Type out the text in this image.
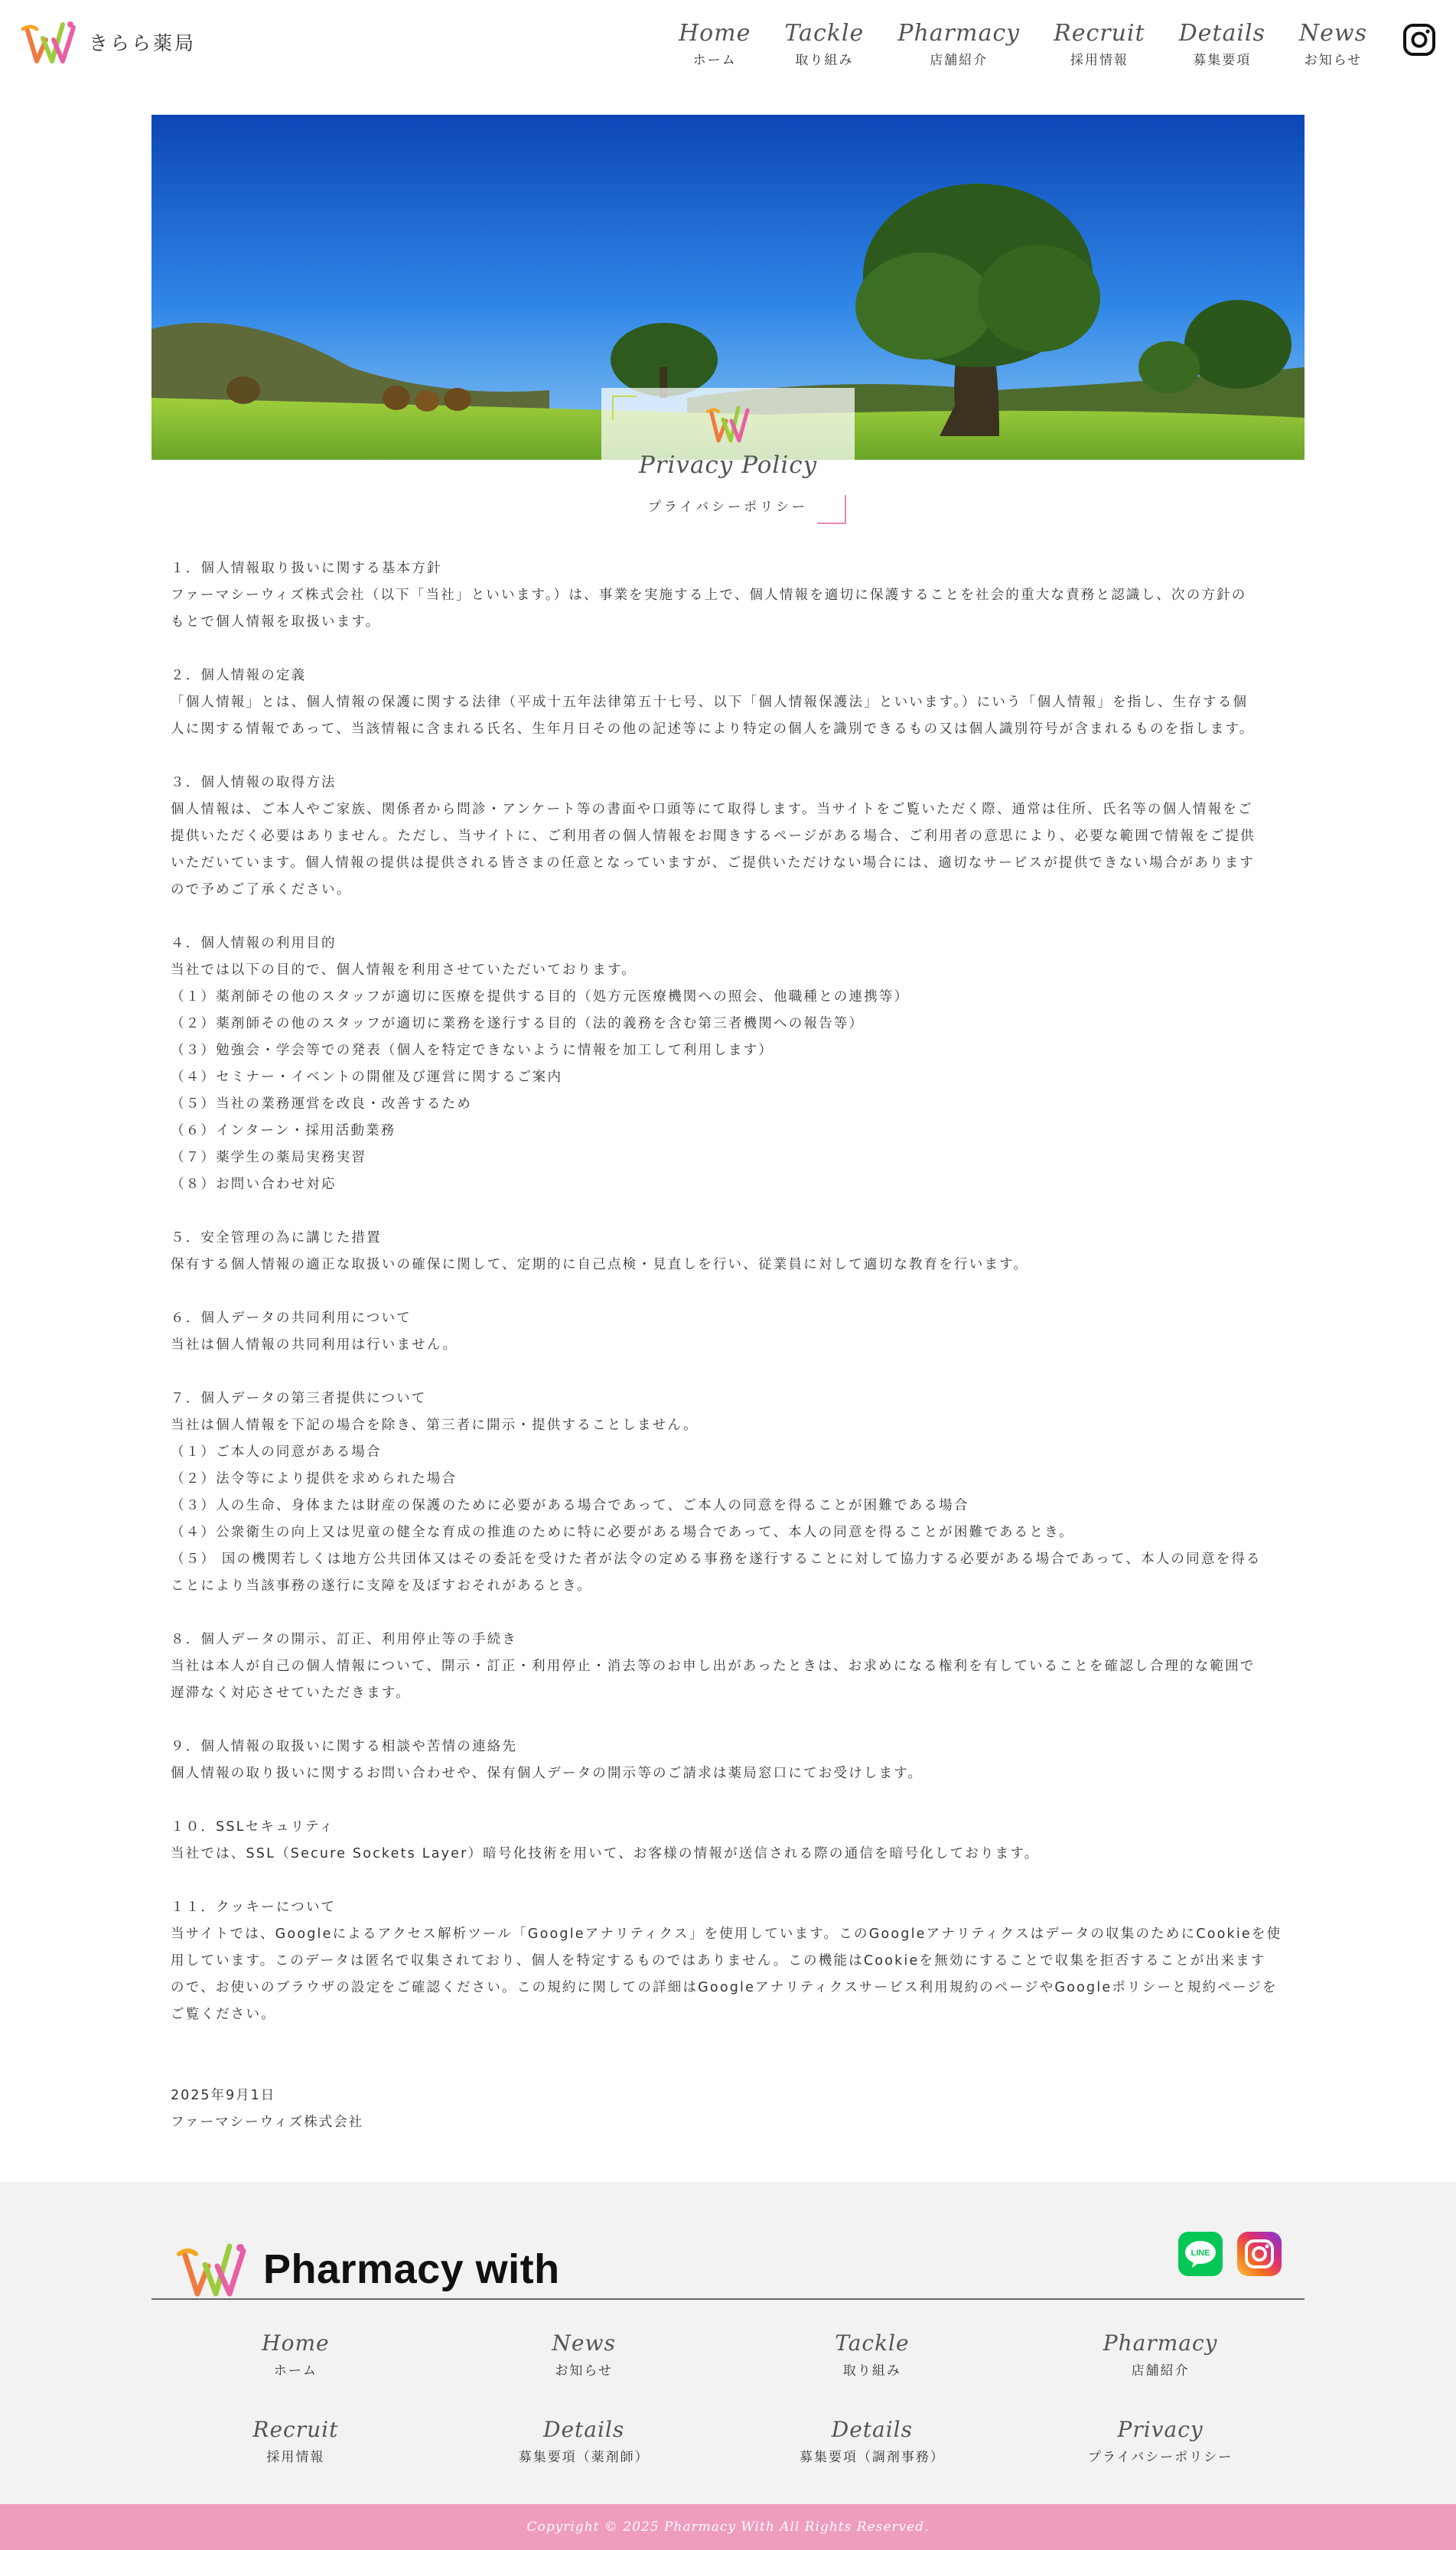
きらら薬局	Home
ホーム
Tackle
取り組み
Pharmacy
店舗紹介
Recruit
採用情報
Details
募集要項
News
お知らせ
Privacy Policy
プライバシーポリシー

１．個人情報取り扱いに関する基本方針

ファーマシーウィズ株式会社（以下「当社」といいます。）は、事業を実施する上で、個人情報を適切に保護することを社会的重大な責務と認識し、次の方針の

もとで個人情報を取扱います。

２．個人情報の定義

「個人情報」とは、個人情報の保護に関する法律（平成十五年法律第五十七号、以下「個人情報保護法」といいます。）にいう「個人情報」を指し、生存する個

人に関する情報であって、当該情報に含まれる氏名、生年月日その他の記述等により特定の個人を識別できるもの又は個人識別符号が含まれるものを指します。

３．個人情報の取得方法

個人情報は、ご本人やご家族、関係者から問診・アンケート等の書面や口頭等にて取得します。当サイトをご覧いただく際、通常は住所、氏名等の個人情報をご

提供いただく必要はありません。ただし、当サイトに、ご利用者の個人情報をお聞きするページがある場合、ご利用者の意思により、必要な範囲で情報をご提供

いただいています。個人情報の提供は提供される皆さまの任意となっていますが、ご提供いただけない場合には、適切なサービスが提供できない場合があります

ので予めご了承ください。

４．個人情報の利用目的

当社では以下の目的で、個人情報を利用させていただいております。

（１）薬剤師その他のスタッフが適切に医療を提供する目的（処方元医療機関への照会、他職種との連携等）

（２）薬剤師その他のスタッフが適切に業務を遂行する目的（法的義務を含む第三者機関への報告等）

（３）勉強会・学会等での発表（個人を特定できないように情報を加工して利用します）

（４）セミナー・イベントの開催及び運営に関するご案内

（５）当社の業務運営を改良・改善するため

（６）インターン・採用活動業務

（７）薬学生の薬局実務実習

（８）お問い合わせ対応

５．安全管理の為に講じた措置

保有する個人情報の適正な取扱いの確保に関して、定期的に自己点検・見直しを行い、従業員に対して適切な教育を行います。

６．個人データの共同利用について

当社は個人情報の共同利用は行いません。

７．個人データの第三者提供について

当社は個人情報を下記の場合を除き、第三者に開示・提供することしません。

（１）ご本人の同意がある場合

（２）法令等により提供を求められた場合

（３）人の生命、身体または財産の保護のために必要がある場合であって、ご本人の同意を得ることが困難である場合

（４）公衆衛生の向上又は児童の健全な育成の推進のために特に必要がある場合であって、本人の同意を得ることが困難であるとき。

（５） 国の機関若しくは地方公共団体又はその委託を受けた者が法令の定める事務を遂行することに対して協力する必要がある場合であって、本人の同意を得る

ことにより当該事務の遂行に支障を及ぼすおそれがあるとき。

８．個人データの開示、訂正、利用停止等の手続き

当社は本人が自己の個人情報について、開示・訂正・利用停止・消去等のお申し出があったときは、お求めになる権利を有していることを確認し合理的な範囲で

遅滞なく対応させていただきます。

９．個人情報の取扱いに関する相談や苦情の連絡先

個人情報の取り扱いに関するお問い合わせや、保有個人データの開示等のご請求は薬局窓口にてお受けします。

１０．SSLセキュリティ

当社では、SSL（Secure Sockets Layer）暗号化技術を用いて、お客様の情報が送信される際の通信を暗号化しております。

１１．クッキーについて

当サイトでは、Googleによるアクセス解析ツール「Googleアナリティクス」を使用しています。このGoogleアナリティクスはデータの収集のためにCookieを使

用しています。このデータは匿名で収集されており、個人を特定するものではありません。この機能はCookieを無効にすることで収集を拒否することが出来ます

ので、お使いのブラウザの設定をご確認ください。この規約に関しての詳細はGoogleアナリティクスサービス利用規約のページやGoogleポリシーと規約ページを

ご覧ください。

2025年9月1日
ファーマシーウィズ株式会社
Pharmacy with	LINE
Home
ホーム
News
お知らせ
Tackle
取り組み
Pharmacy
店舗紹介
Recruit
採用情報
Details
募集要項（薬剤師）
Details
募集要項（調剤事務）
Privacy
プライバシーポリシー
Copyright © 2025 Pharmacy With All Rights Reserved.
